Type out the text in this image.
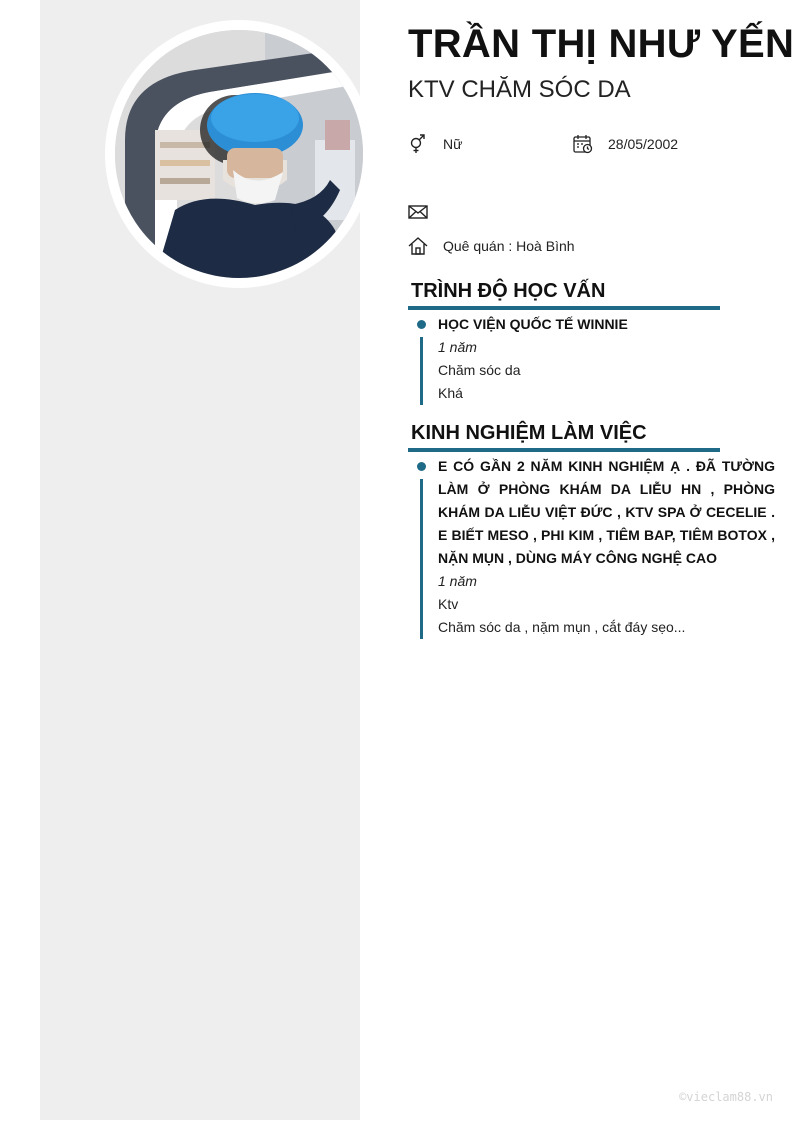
TRẦN THỊ NHƯ YẾN
KTV CHĂM SÓC DA
Nữ	28/05/2002
Quê quán : Hoà Bình
TRÌNH ĐỘ HỌC VẤN
HỌC VIỆN QUỐC TẾ WINNIE
1 năm
Chăm sóc da
Khá
KINH NGHIỆM LÀM VIỆC
E CÓ GẦN 2 NĂM KINH NGHIỆM Ạ . ĐÃ TƯỜNG LÀM Ở PHÒNG KHÁM DA LIỄU HN , PHÒNG KHÁM DA LIỄU VIỆT ĐỨC , KTV SPA Ở CECELIE . E BIẾT MESO , PHI KIM , TIÊM BAP, TIÊM BOTOX , NẶN MỤN , DÙNG MÁY CÔNG NGHỆ CAO
1 năm
Ktv
Chăm sóc da , nặm mụn , cắt đáy sẹo...
©vieclam88.vn
